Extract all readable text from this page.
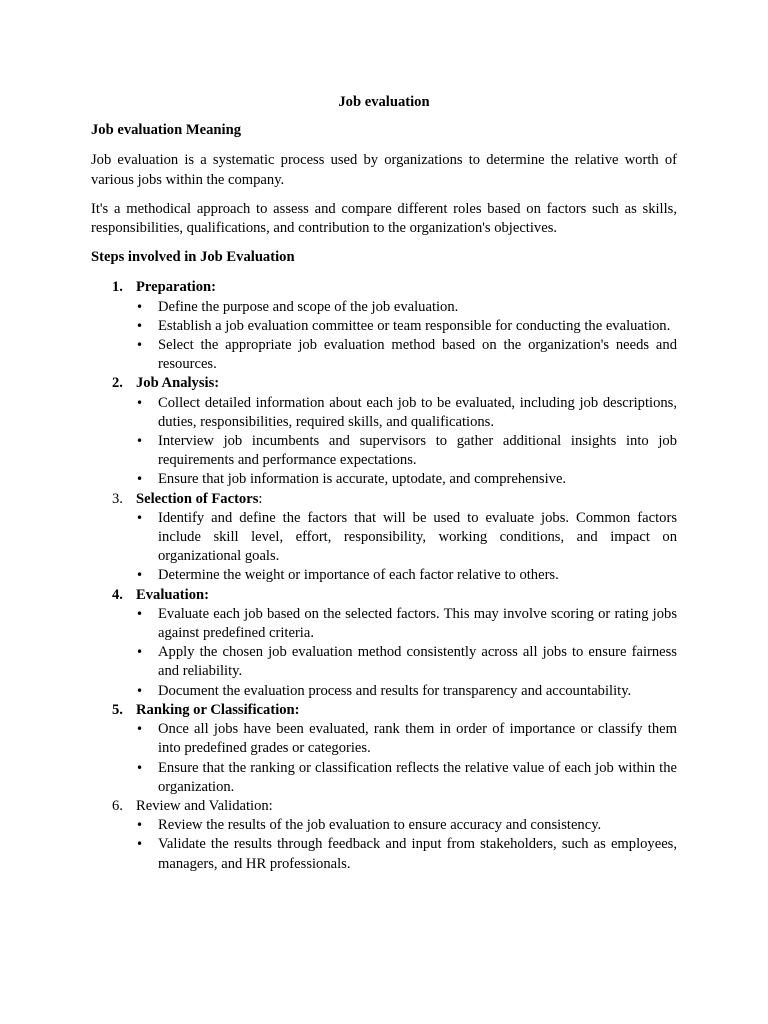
Job evaluation
Job evaluation Meaning

Job evaluation is a systematic process used by organizations to determine the relative worth of various jobs within the company.

It's a methodical approach to assess and compare different roles based on factors such as skills, responsibilities, qualifications, and contribution to the organization's objectives.

Steps involved in Job Evaluation
1. Preparation:
• Define the purpose and scope of the job evaluation.
• Establish a job evaluation committee or team responsible for conducting the evaluation.
• Select the appropriate job evaluation method based on the organization's needs and resources.
2. Job Analysis:
• Collect detailed information about each job to be evaluated, including job descriptions, duties, responsibilities, required skills, and qualifications.
• Interview job incumbents and supervisors to gather additional insights into job requirements and performance expectations.
• Ensure that job information is accurate, uptodate, and comprehensive.
3. Selection of Factors:
• Identify and define the factors that will be used to evaluate jobs. Common factors include skill level, effort, responsibility, working conditions, and impact on organizational goals.
• Determine the weight or importance of each factor relative to others.
4. Evaluation:
• Evaluate each job based on the selected factors. This may involve scoring or rating jobs against predefined criteria.
• Apply the chosen job evaluation method consistently across all jobs to ensure fairness and reliability.
• Document the evaluation process and results for transparency and accountability.
5. Ranking or Classification:
• Once all jobs have been evaluated, rank them in order of importance or classify them into predefined grades or categories.
• Ensure that the ranking or classification reflects the relative value of each job within the organization.
6. Review and Validation:
• Review the results of the job evaluation to ensure accuracy and consistency.
• Validate the results through feedback and input from stakeholders, such as employees, managers, and HR professionals.
